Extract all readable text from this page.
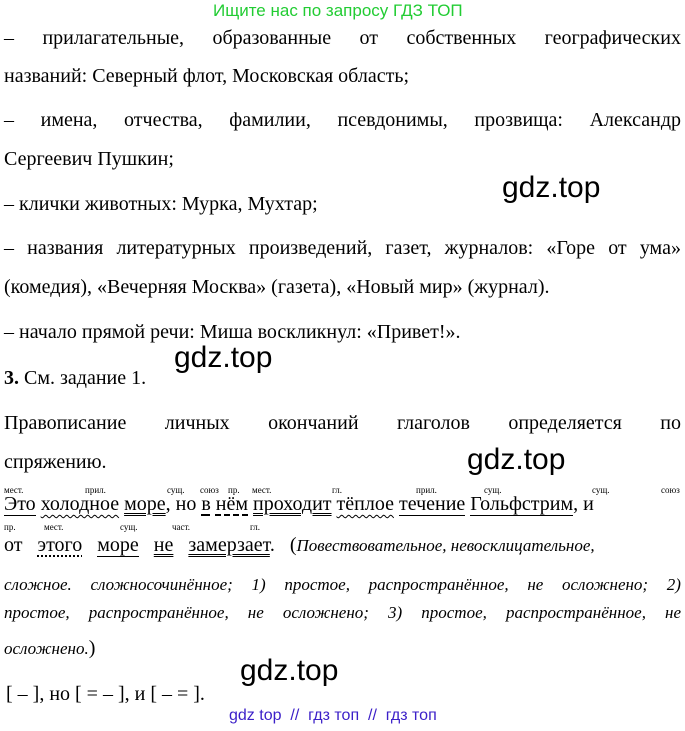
Ищите нас по запросу ГДЗ ТОП
– прилагательные, образованные от собственных географических
названий: Северный флот, Московская область;
– имена, отчества, фамилии, псевдонимы, прозвища: Александр
Сергеевич Пушкин;
– клички животных: Мурка, Мухтар;
– названия литературных произведений, газет, журналов: «Горе от ума»
(комедия), «Вечерняя Москва» (газета), «Новый мир» (журнал).
– начало прямой речи: Миша воскликнул: «Привет!».
3. См. задание 1.
Правописание личных окончаний глаголов определяется по
спряжению.
мест.	прил.	сущ. союз пр. мест.	гл.	прил.	сущ.	сущ.	союз
Это холодное море, но в нём проходит тёплое течение Гольфстрим, и
пр.	мест.	сущ.	част.	гл.
от этого море не замерзает. (Повествовательное, невосклицательное,
сложное. сложносочинённое; 1) простое, распространённое, не осложнено; 2)
простое, распространённое, не осложнено; 3) простое, распространённое, не
осложнено.)
[ – ], но [ = – ], и [ – = ].
gdz.top
gdz.top
gdz.top
gdz.top
gdz top // гдз топ // гдз топ
